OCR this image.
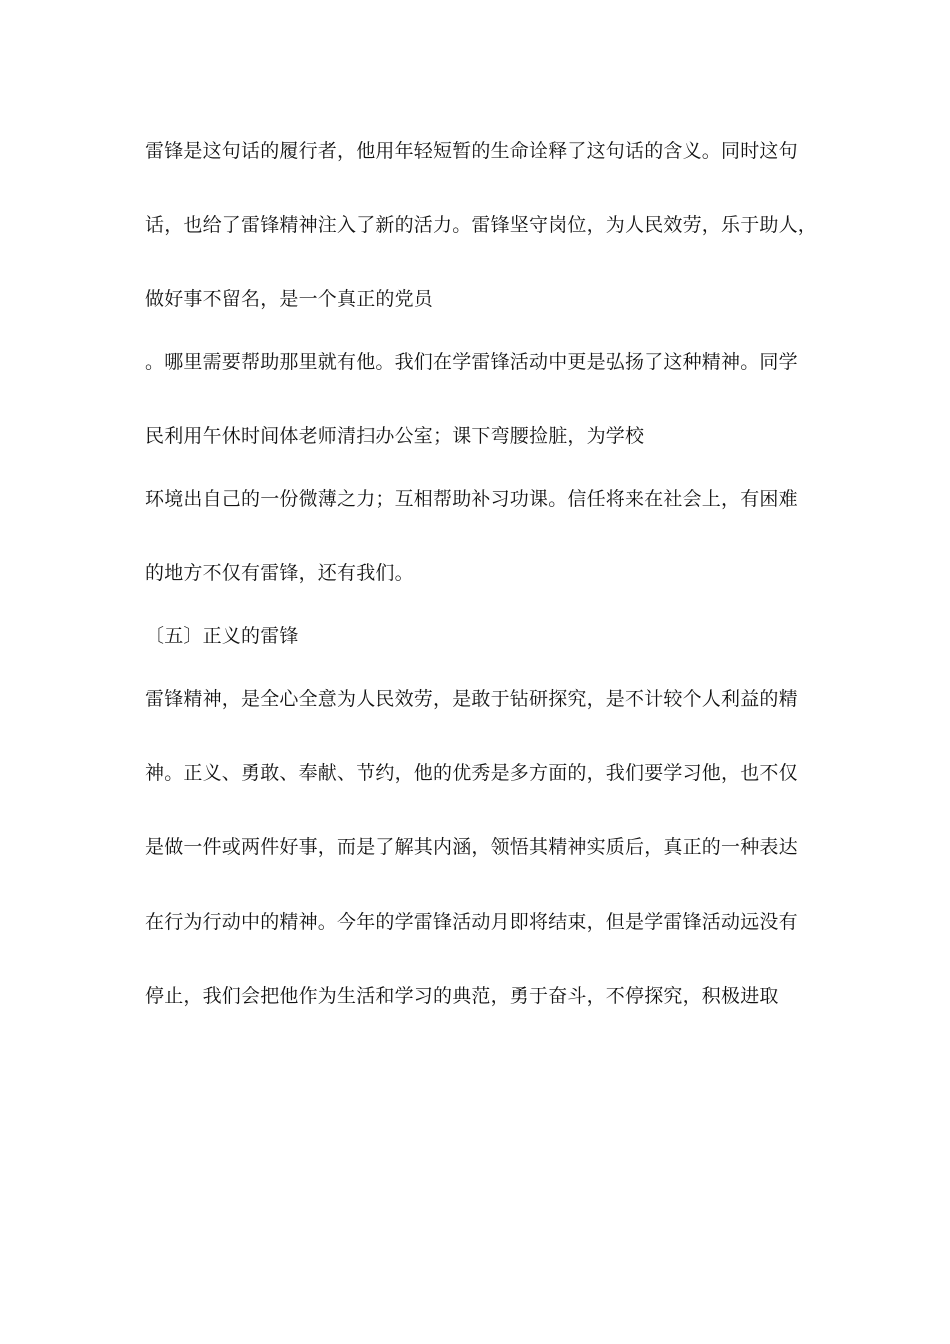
雷锋是这句话的履行者，他用年轻短暂的生命诠释了这句话的含义。同时这句
话，也给了雷锋精神注入了新的活力。雷锋坚守岗位，为人民效劳，乐于助人，
做好事不留名，是一个真正的党员
。哪里需要帮助那里就有他。我们在学雷锋活动中更是弘扬了这种精神。同学
民利用午休时间体老师清扫办公室；课下弯腰捡脏，为学校
环境出自己的一份微薄之力；互相帮助补习功课。信任将来在社会上，有困难
的地方不仅有雷锋，还有我们。
〔五〕正义的雷锋
雷锋精神，是全心全意为人民效劳，是敢于钻研探究，是不计较个人利益的精
神。正义、勇敢、奉献、节约，他的优秀是多方面的，我们要学习他，也不仅
是做一件或两件好事，而是了解其内涵，领悟其精神实质后，真正的一种表达
在行为行动中的精神。今年的学雷锋活动月即将结束，但是学雷锋活动远没有
停止，我们会把他作为生活和学习的典范，勇于奋斗，不停探究，积极进取
